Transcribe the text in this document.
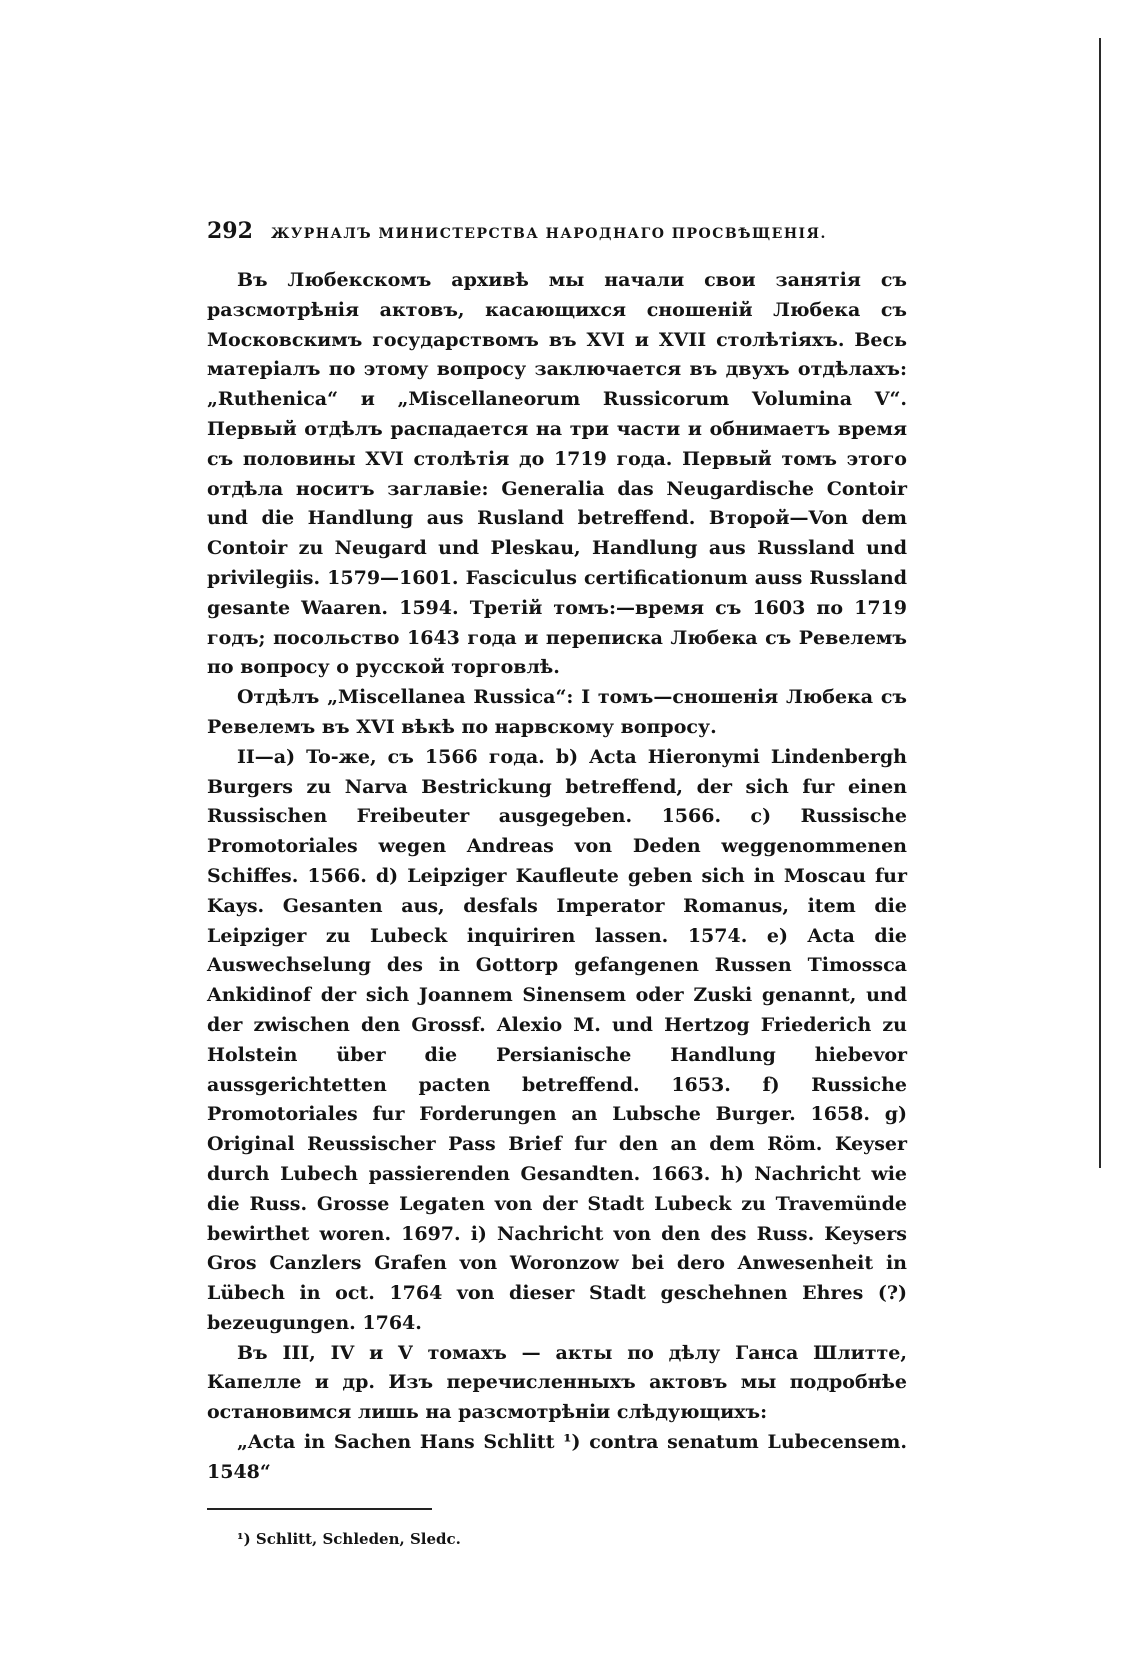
292	ЖУРНАЛЪ МИНИСТЕРСТВА НАРОДНАГО ПРОСВѢЩЕНІЯ.

Въ Любекскомъ архивѣ мы начали свои занятія съ разсмотрѣнія актовъ, касающихся сношеній Любека съ Московскимъ государствомъ въ XVI и XVII столѣтіяхъ. Весь матеріалъ по этому вопросу заключается въ двухъ отдѣлахъ: „Ruthenica“ и „Miscellaneorum Russicorum Volumina V“. Первый отдѣлъ распадается на три части и обнимаетъ время съ половины XVI столѣтія до 1719 года. Первый томъ этого отдѣла носитъ заглавіе: Generalia das Neugardische Contoir und die Handlung aus Rusland betreffend. Второй—Von dem Contoir zu Neugard und Pleskau, Handlung aus Russland und privilegiis. 1579—1601. Fasciculus certificationum auss Russland gesante Waaren. 1594. Третій томъ:—время съ 1603 по 1719 годъ; посольство 1643 года и переписка Любека съ Ревелемъ по вопросу о русской торговлѣ.

Отдѣлъ „Miscellanea Russica“: I томъ—сношенія Любека съ Ревелемъ въ XVI вѣкѣ по нарвскому вопросу.

II—a) To-же, съ 1566 года. b) Acta Hieronymi Lindenbergh Burgers zu Narva Bestrickung betreffend, der sich fur einen Russischen Freibeuter ausgegeben. 1566. c) Russische Promotoriales wegen Andreas von Deden weggenommenen Schiffes. 1566. d) Leipziger Kaufleute geben sich in Moscau fur Kays. Gesanten aus, desfals Imperator Romanus, item die Leipziger zu Lubeck inquiriren lassen. 1574. e) Acta die Auswechselung des in Gottorp gefangenen Russen Timossca Ankidinof der sich Joannem Sinensem oder Zuski genannt, und der zwischen den Grossf. Alexio M. und Hertzog Friederich zu Holstein über die Persianische Handlung hiebevor aussgerichtetten pacten betreffend. 1653. f) Russiche Promotoriales fur Forderungen an Lubsche Burger. 1658. g) Original Reussischer Pass Brief fur den an dem Röm. Keyser durch Lubech passierenden Gesandten. 1663. h) Nachricht wie die Russ. Grosse Legaten von der Stadt Lubeck zu Travemünde bewirthet woren. 1697. i) Nachricht von den des Russ. Keysers Gros Canzlers Grafen von Woronzow bei dero Anwesenheit in Lübech in oct. 1764 von dieser Stadt geschehnen Ehres (?) bezeugungen. 1764.

Въ III, IV и V томахъ — акты по дѣлу Ганса Шлитте, Капелле и др. Изъ перечисленныхъ актовъ мы подробнѣе остановимся лишь на разсмотрѣніи слѣдующихъ:

„Acta in Sachen Hans Schlitt ¹) contra senatum Lubecensem. 1548“

¹) Schlitt, Schleden, Sledc.
